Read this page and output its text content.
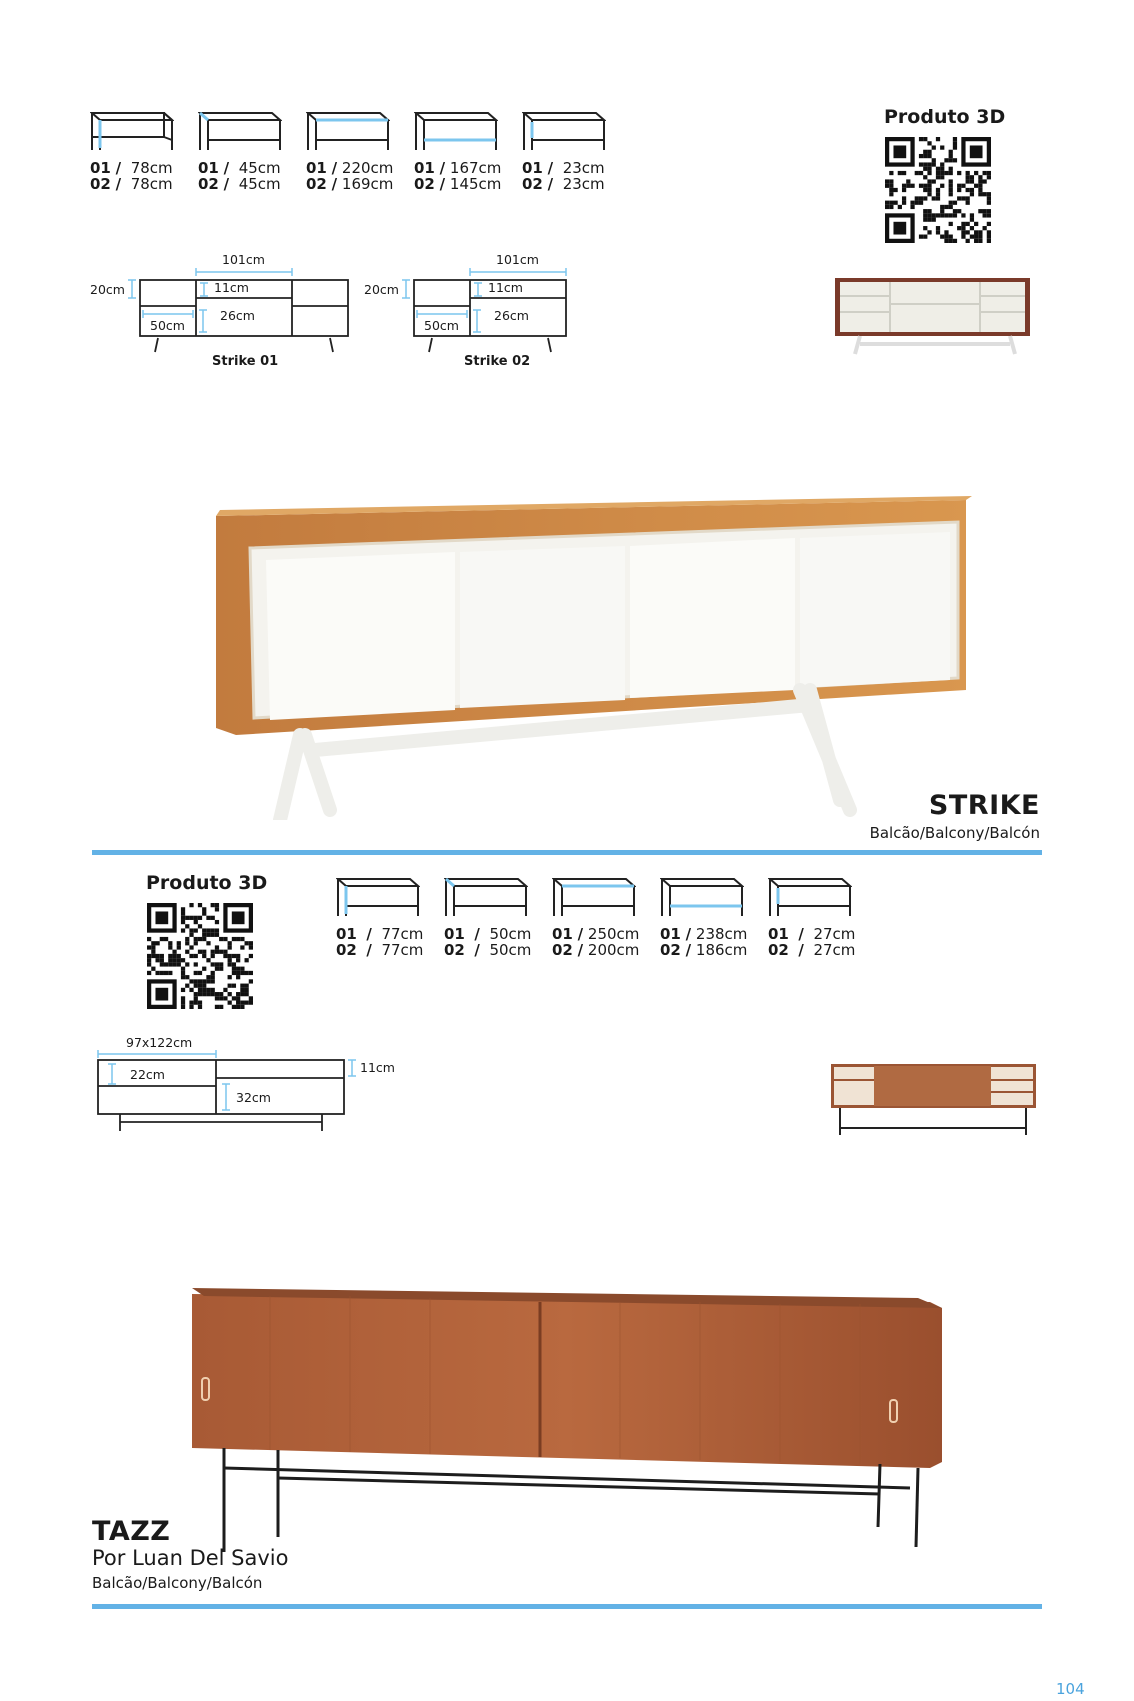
01 / 78cm
02 / 78cm
01 / 45cm
02 / 45cm
01 / 220cm
02 / 169cm
01 / 167cm
02 / 145cm
01 / 23cm
02 / 23cm
Produto 3D
101cm
20cm	11cm
26cm
50cm
Strike 01
101cm
20cm	11cm
26cm
50cm
Strike 02
STRIKE
Balcão/Balcony/Balcón
Produto 3D
01 / 77cm
02 / 77cm
01 / 50cm
02 / 50cm
01 / 250cm
02 / 200cm
01 / 238cm
02 / 186cm
01 / 27cm
02 / 27cm
97x122cm
22cm
32cm
11cm
TAZZ
Por Luan Del Savio
Balcão/Balcony/Balcón
104
